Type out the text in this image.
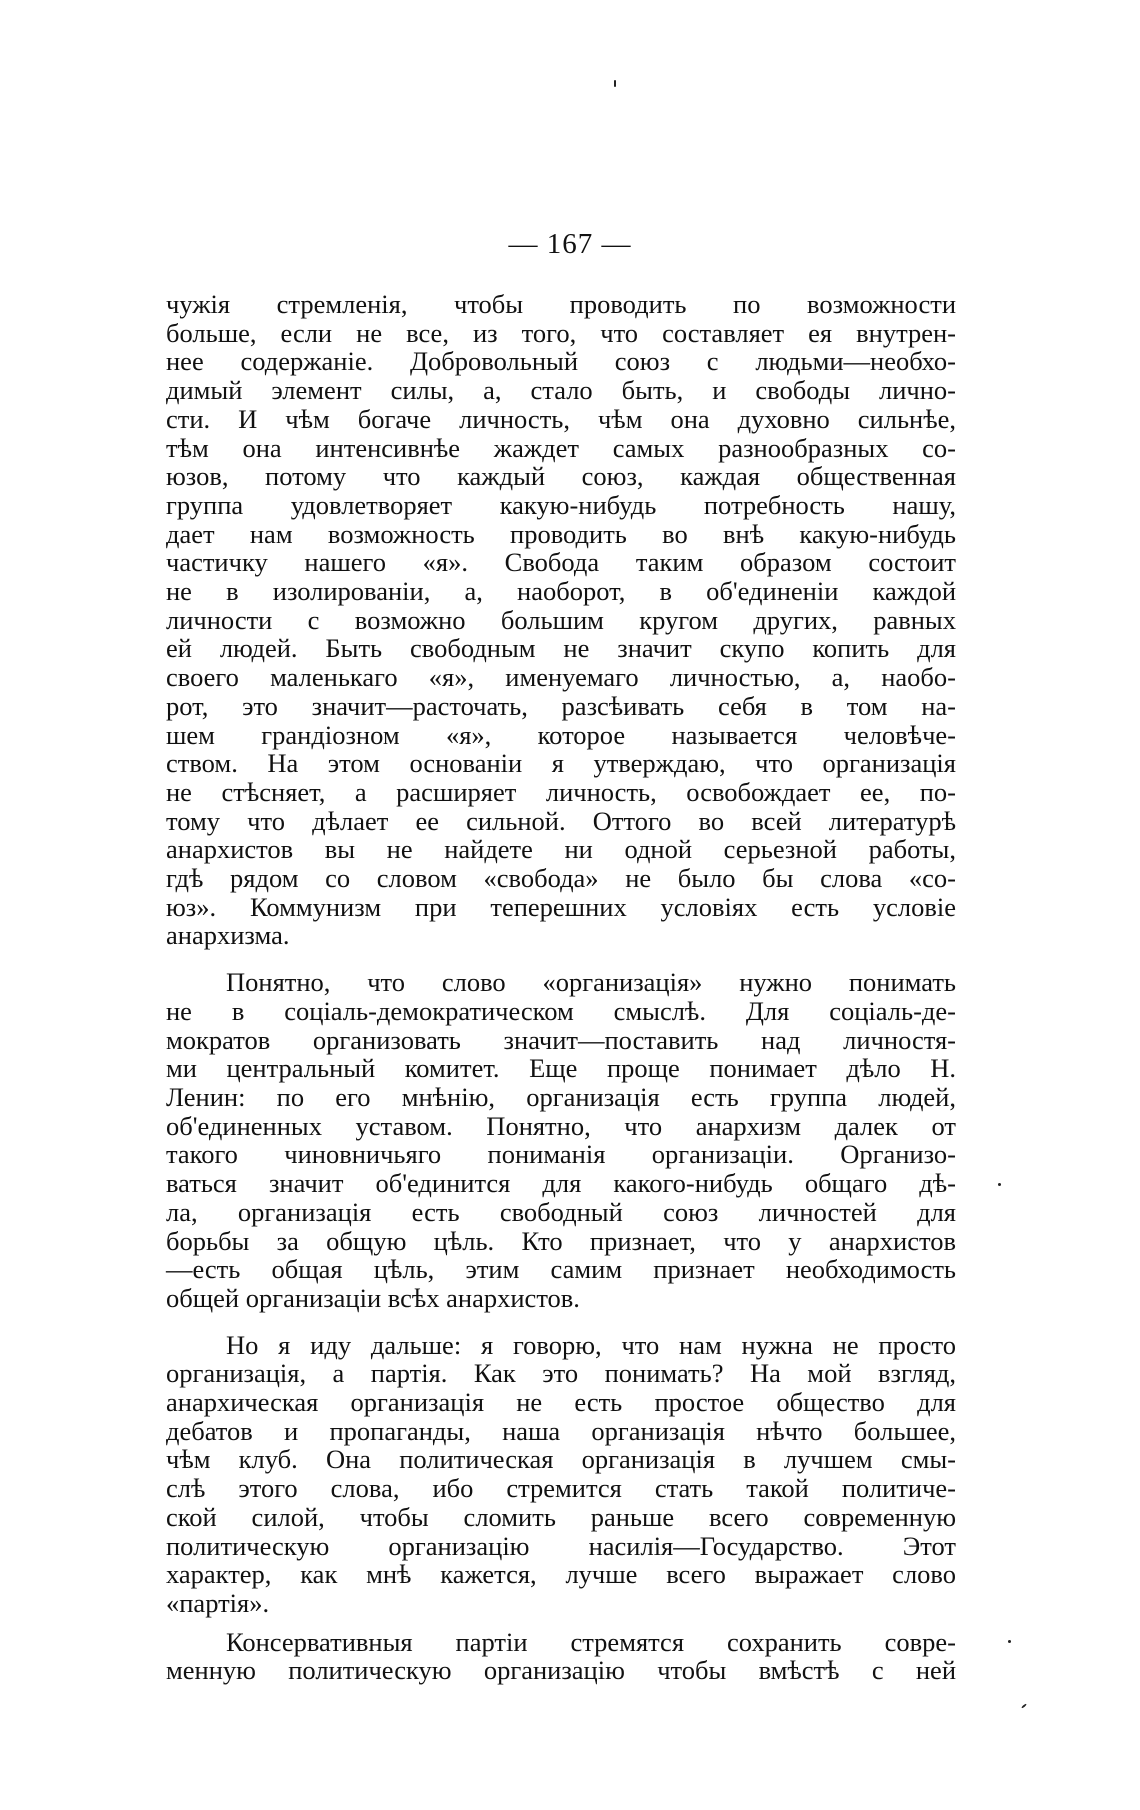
— 167 —

чужія стремленія, чтобы проводить по возможности
больше, если не все, из того, что составляет ея внутрен-
нее содержаніе. Добровольный союз с людьми—необхо-
димый элемент силы, а, стало быть, и свободы лично-
сти. И чѣм богаче личность, чѣм она духовно сильнѣе,
тѣм она интенсивнѣе жаждет самых разнообразных со-
юзов, потому что каждый союз, каждая общественная
группа удовлетворяет какую-нибудь потребность нашу,
дает нам возможность проводить во внѣ какую-нибудь
частичку нашего «я». Свобода таким образом состоит
не в изолированіи, а, наоборот, в об'единеніи каждой
личности с возможно большим кругом других, равных
ей людей. Быть свободным не значит скупо копить для
своего маленькаго «я», именуемаго личностью, а, наобо-
рот, это значит—расточать, разсѣивать себя в том на-
шем грандіозном «я», которое называется человѣче-
ством. На этом основаніи я утверждаю, что организація
не стѣсняет, а расширяет личность, освобождает ее, по-
тому что дѣлает ее сильной. Оттого во всей литературѣ
анархистов вы не найдете ни одной серьезной работы,
гдѣ рядом со словом «свобода» не было бы слова «со-
юз». Коммунизм при теперешних условіях есть условіе
анархизма.

Понятно, что слово «организація» нужно понимать
не в соціаль-демократическом смыслѣ. Для соціаль-де-
мократов организовать значит—поставить над личностя-
ми центральный комитет. Еще проще понимает дѣло Н.
Ленин: по его мнѣнію, организація есть группа людей,
об'единенных уставом. Понятно, что анархизм далек от
такого чиновничьяго пониманія организаціи. Организо-
ваться значит об'единится для какого-нибудь общаго дѣ-
ла, организація есть свободный союз личностей для
борьбы за общую цѣль. Кто признает, что у анархистов
—есть общая цѣль, этим самим признает необходимость
общей организаціи всѣх анархистов.

Но я иду дальше: я говорю, что нам нужна не просто
организація, а партія. Как это понимать? На мой взгляд,
анархическая организація не есть простое общество для
дебатов и пропаганды, наша организація нѣчто большее,
чѣм клуб. Она политическая организація в лучшем смы-
слѣ этого слова, ибо стремится стать такой политиче-
ской силой, чтобы сломить раньше всего современную
политическую организацію насилія—Государство. Этот
характер, как мнѣ кажется, лучше всего выражает слово
«партія».

Консервативныя партіи стремятся сохранить совре-
менную политическую организацію чтобы вмѣстѣ с ней
